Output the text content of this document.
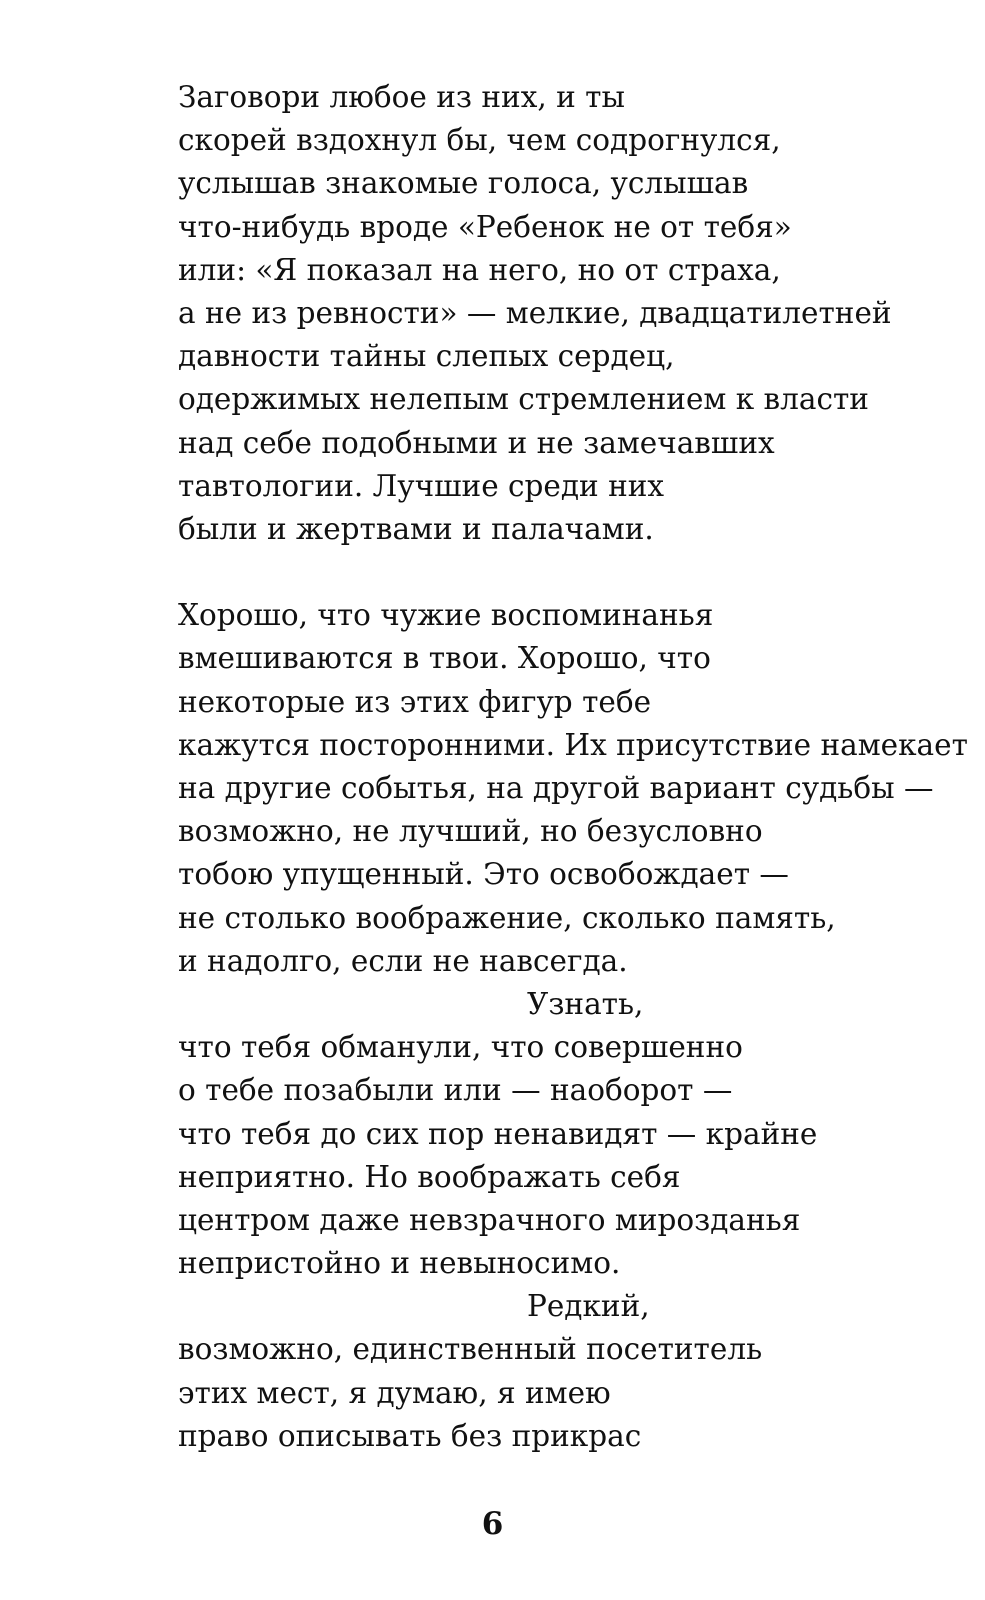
Заговори любое из них, и ты
скорей вздохнул бы, чем содрогнулся,
услышав знакомые голоса, услышав
что-нибудь вроде «Ребенок не от тебя»
или: «Я показал на него, но от страха,
а не из ревности» — мелкие, двадцатилетней
давности тайны слепых сердец,
одержимых нелепым стремлением к власти
над себе подобными и не замечавших
тавтологии. Лучшие среди них
были и жертвами и палачами.
Хорошо, что чужие воспоминанья
вмешиваются в твои. Хорошо, что
некоторые из этих фигур тебе
кажутся посторонними. Их присутствие намекает
на другие событья, на другой вариант судьбы —
возможно, не лучший, но безусловно
тобою упущенный. Это освобождает —
не столько воображение, сколько память,
и надолго, если не навсегда.
Узнать,
что тебя обманули, что совершенно
о тебе позабыли или — наоборот —
что тебя до сих пор ненавидят — крайне
неприятно. Но воображать себя
центром даже невзрачного мирозданья
непристойно и невыносимо.
Редкий,
возможно, единственный посетитель
этих мест, я думаю, я имею
право описывать без прикрас
6
